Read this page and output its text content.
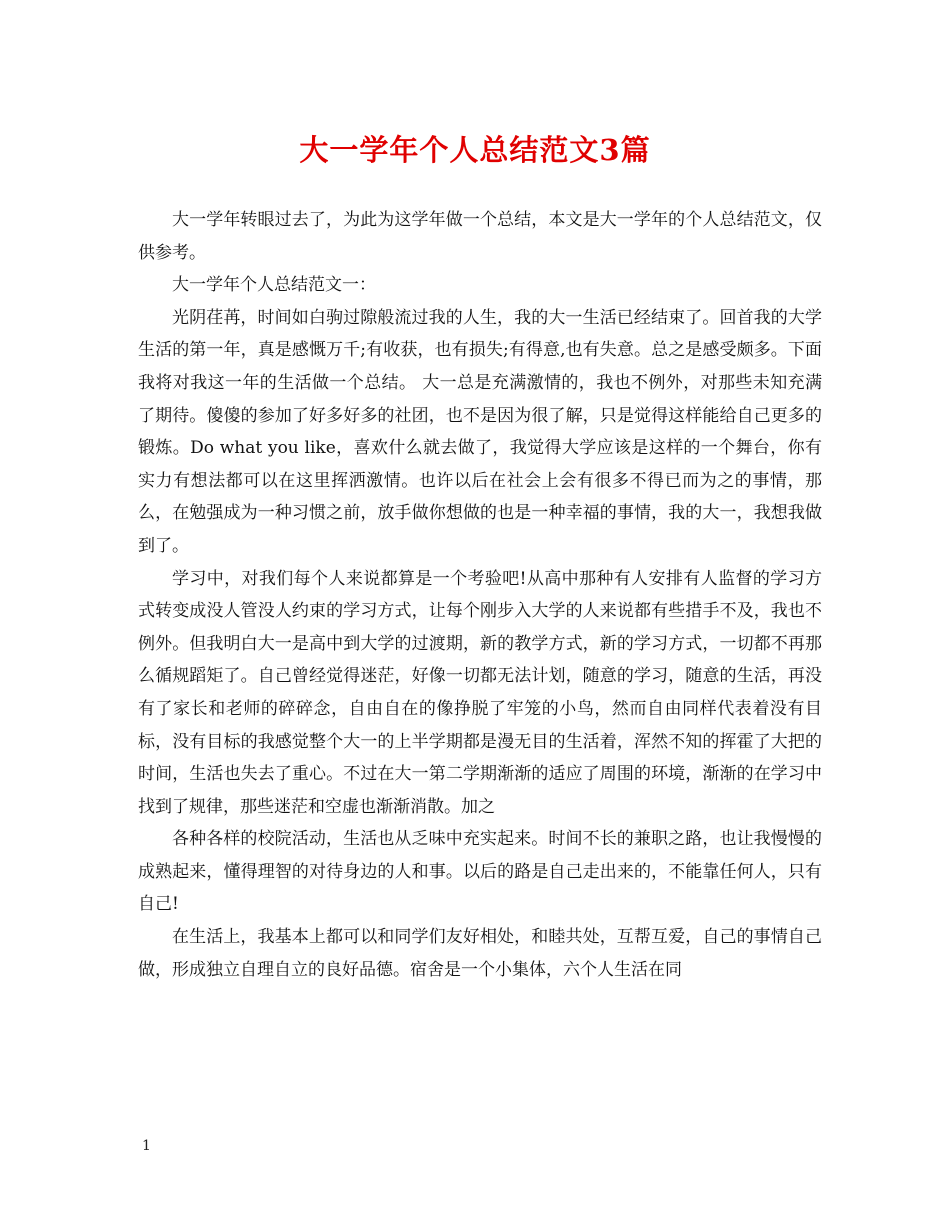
大一学年个人总结范文3篇

大一学年转眼过去了，为此为这学年做一个总结，本文是大一学年的个人总结范文，仅供参考。

大一学年个人总结范文一：

光阴荏苒，时间如白驹过隙般流过我的人生，我的大一生活已经结束了。回首我的大学生活的第一年，真是感慨万千;有收获，也有损失;有得意,也有失意。总之是感受颇多。下面我将对我这一年的生活做一个总结。 大一总是充满激情的，我也不例外，对那些未知充满了期待。傻傻的参加了好多好多的社团，也不是因为很了解，只是觉得这样能给自己更多的锻炼。Do what you like，喜欢什么就去做了，我觉得大学应该是这样的一个舞台，你有实力有想法都可以在这里挥洒激情。也许以后在社会上会有很多不得已而为之的事情，那么，在勉强成为一种习惯之前，放手做你想做的也是一种幸福的事情，我的大一，我想我做到了。

学习中，对我们每个人来说都算是一个考验吧!从高中那种有人安排有人监督的学习方式转变成没人管没人约束的学习方式，让每个刚步入大学的人来说都有些措手不及，我也不例外。但我明白大一是高中到大学的过渡期，新的教学方式，新的学习方式，一切都不再那么循规蹈矩了。自己曾经觉得迷茫，好像一切都无法计划，随意的学习，随意的生活，再没有了家长和老师的碎碎念，自由自在的像挣脱了牢笼的小鸟，然而自由同样代表着没有目标，没有目标的我感觉整个大一的上半学期都是漫无目的生活着，浑然不知的挥霍了大把的时间，生活也失去了重心。不过在大一第二学期渐渐的适应了周围的环境，渐渐的在学习中找到了规律，那些迷茫和空虚也渐渐消散。加之

各种各样的校院活动，生活也从乏味中充实起来。时间不长的兼职之路，也让我慢慢的成熟起来，懂得理智的对待身边的人和事。以后的路是自己走出来的，不能靠任何人，只有自己!

在生活上，我基本上都可以和同学们友好相处，和睦共处，互帮互爱，自己的事情自己做，形成独立自理自立的良好品德。宿舍是一个小集体，六个人生活在同

1
